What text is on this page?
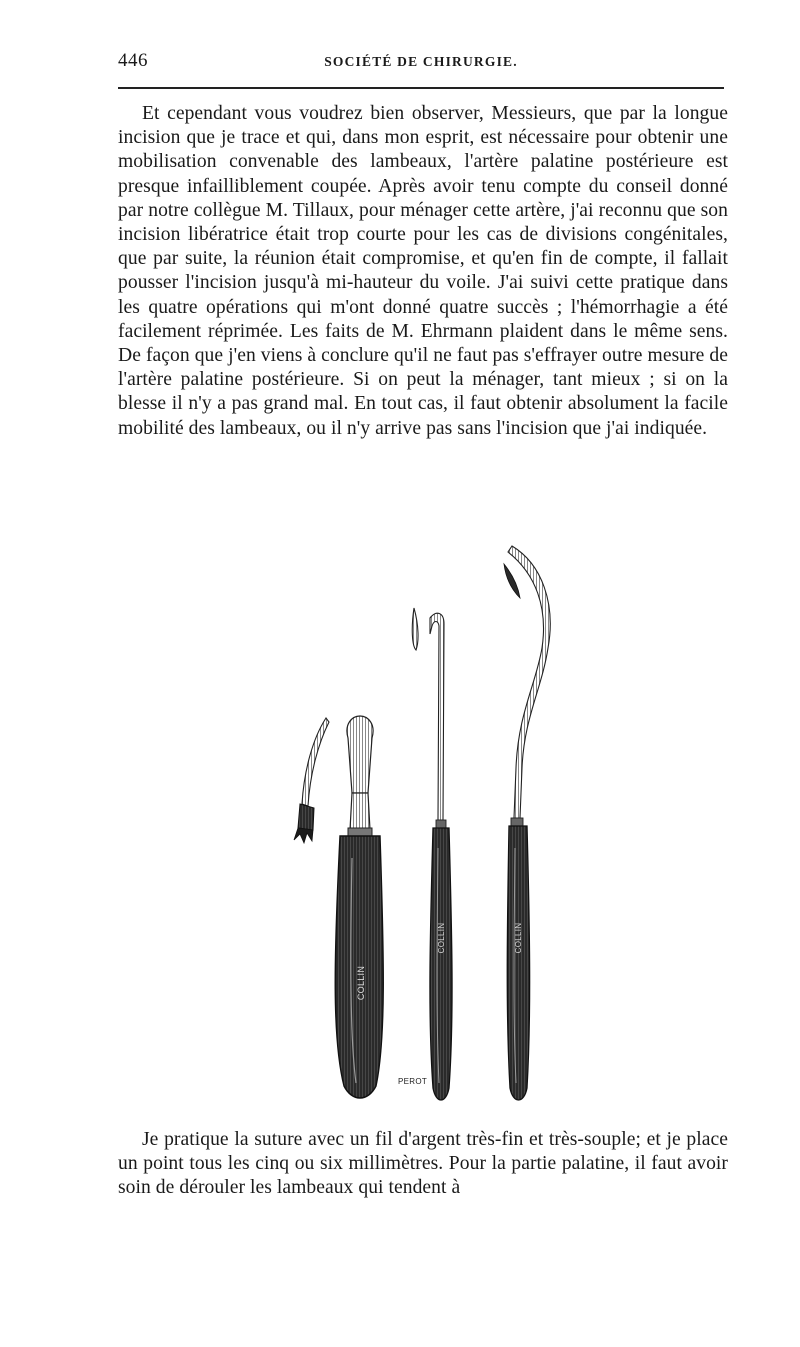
446	SOCIÉTÉ DE CHIRURGIE.

Et cependant vous voudrez bien observer, Messieurs, que par la longue incision que je trace et qui, dans mon esprit, est nécessaire pour obtenir une mobilisation convenable des lambeaux, l'artère palatine postérieure est presque infailliblement coupée. Après avoir tenu compte du conseil donné par notre collègue M. Tillaux, pour ménager cette artère, j'ai reconnu que son incision libératrice était trop courte pour les cas de divisions congénitales, que par suite, la réunion était compromise, et qu'en fin de compte, il fallait pousser l'incision jusqu'à mi-hauteur du voile. J'ai suivi cette pratique dans les quatre opérations qui m'ont donné quatre succès ; l'hémorrhagie a été facilement réprimée. Les faits de M. Ehrmann plaident dans le même sens. De façon que j'en viens à conclure qu'il ne faut pas s'effrayer outre mesure de l'artère palatine postérieure. Si on peut la ménager, tant mieux ; si on la blesse il n'y a pas grand mal. En tout cas, il faut obtenir absolument la facile mobilité des lambeaux, ou il n'y arrive pas sans l'incision que j'ai indiquée.

COLLIN
COLLIN	COLLIN
PEROT

Je pratique la suture avec un fil d'argent très-fin et très-souple; et je place un point tous les cinq ou six millimètres. Pour la partie palatine, il faut avoir soin de dérouler les lambeaux qui tendent à
